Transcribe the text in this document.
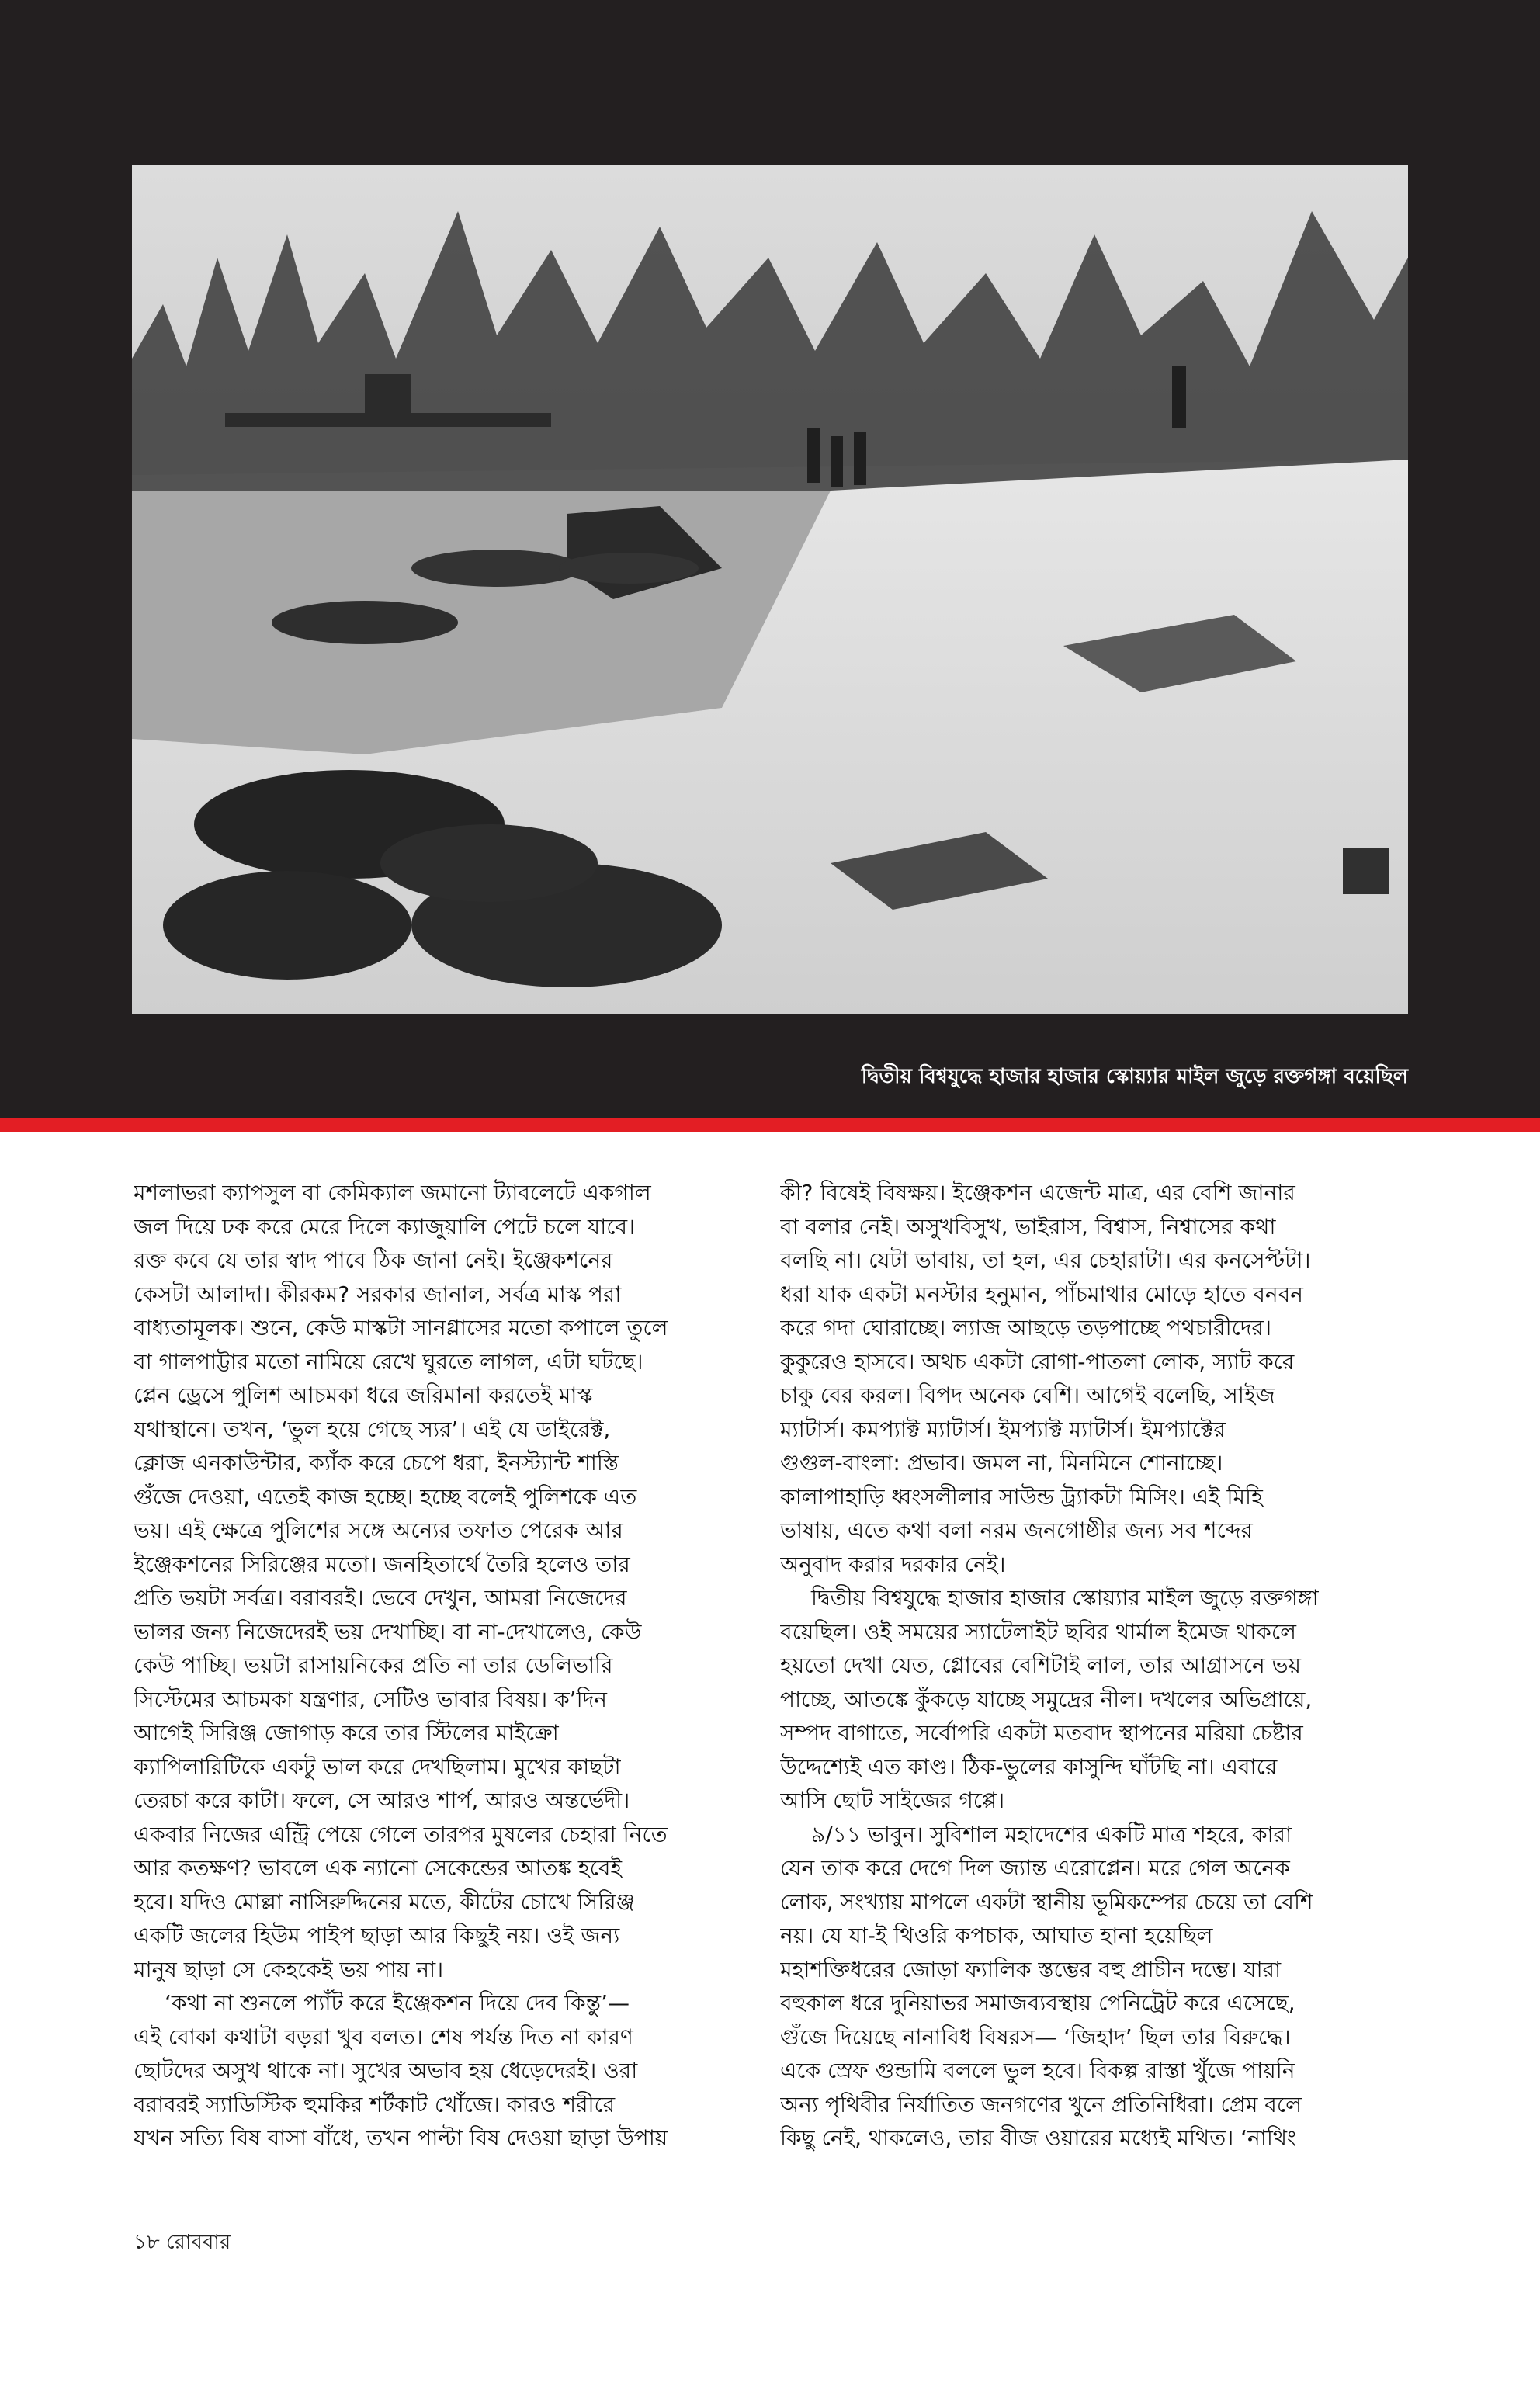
দ্বিতীয় বিশ্বযুদ্ধে হাজার হাজার স্কোয়্যার মাইল জুড়ে রক্তগঙ্গা বয়েছিল

মশলাভরা ক্যাপসুল বা কেমিক্যাল জমানো ট্যাবলেটে একগাল

জল দিয়ে ঢক করে মেরে দিলে ক্যাজুয়ালি পেটে চলে যাবে।

রক্ত কবে যে তার স্বাদ পাবে ঠিক জানা নেই। ইঞ্জেকশনের

কেসটা আলাদা। কীরকম? সরকার জানাল, সর্বত্র মাস্ক পরা

বাধ্যতামূলক। শুনে, কেউ মাস্কটা সানগ্লাসের মতো কপালে তুলে

বা গালপাট্টার মতো নামিয়ে রেখে ঘুরতে লাগল, এটা ঘটছে।

প্লেন ড্রেসে পুলিশ আচমকা ধরে জরিমানা করতেই মাস্ক

যথাস্থানে। তখন, ‘ভুল হয়ে গেছে স্যর’। এই যে ডাইরেক্ট,

ক্লোজ এনকাউন্টার, ক্যাঁক করে চেপে ধরা, ইনস্ট্যান্ট শাস্তি

গুঁজে দেওয়া, এতেই কাজ হচ্ছে। হচ্ছে বলেই পুলিশকে এত

ভয়। এই ক্ষেত্রে পুলিশের সঙ্গে অন্যের তফাত পেরেক আর

ইঞ্জেকশনের সিরিঞ্জের মতো। জনহিতার্থে তৈরি হলেও তার

প্রতি ভয়টা সর্বত্র। বরাবরই। ভেবে দেখুন, আমরা নিজেদের

ভালর জন্য নিজেদেরই ভয় দেখাচ্ছি। বা না-দেখালেও, কেউ

কেউ পাচ্ছি। ভয়টা রাসায়নিকের প্রতি না তার ডেলিভারি

সিস্টেমের আচমকা যন্ত্রণার, সেটিও ভাবার বিষয়। ক’দিন

আগেই সিরিঞ্জ জোগাড় করে তার স্টিলের মাইক্রো

ক্যাপিলারিটিকে একটু ভাল করে দেখছিলাম। মুখের কাছটা

তেরচা করে কাটা। ফলে, সে আরও শার্প, আরও অন্তর্ভেদী।

একবার নিজের এন্ট্রি পেয়ে গেলে তারপর মুষলের চেহারা নিতে

আর কতক্ষণ? ভাবলে এক ন্যানো সেকেন্ডের আতঙ্ক হবেই

হবে। যদিও মোল্লা নাসিরুদ্দিনের মতে, কীটের চোখে সিরিঞ্জ

একটি জলের হিউম পাইপ ছাড়া আর কিছুই নয়। ওই জন্য

মানুষ ছাড়া সে কেহকেই ভয় পায় না।

‘কথা না শুনলে প্যাঁট করে ইঞ্জেকশন দিয়ে দেব কিন্তু’—

এই বোকা কথাটা বড়রা খুব বলত। শেষ পর্যন্ত দিত না কারণ

ছোটদের অসুখ থাকে না। সুখের অভাব হয় ধেড়েদেরই। ওরা

বরাবরই স্যাডিস্টিক হুমকির শর্টকাট খোঁজে। কারও শরীরে

যখন সত্যি বিষ বাসা বাঁধে, তখন পাল্টা বিষ দেওয়া ছাড়া উপায়

কী? বিষেই বিষক্ষয়। ইঞ্জেকশন এজেন্ট মাত্র, এর বেশি জানার

বা বলার নেই। অসুখবিসুখ, ভাইরাস, বিশ্বাস, নিশ্বাসের কথা

বলছি না। যেটা ভাবায়, তা হল, এর চেহারাটা। এর কনসেপ্টটা।

ধরা যাক একটা মনস্টার হনুমান, পাঁচমাথার মোড়ে হাতে বনবন

করে গদা ঘোরাচ্ছে। ল্যাজ আছড়ে তড়পাচ্ছে পথচারীদের।

কুকুরেও হাসবে। অথচ একটা রোগা-পাতলা লোক, স্যাট করে

চাকু বের করল। বিপদ অনেক বেশি। আগেই বলেছি, সাইজ

ম্যাটার্স। কমপ্যাক্ট ম্যাটার্স। ইমপ্যাক্ট ম্যাটার্স। ইমপ্যাক্টের

গুগুল-বাংলা: প্রভাব। জমল না, মিনমিনে শোনাচ্ছে।

কালাপাহাড়ি ধ্বংসলীলার সাউন্ড ট্র্যাকটা মিসিং। এই মিহি

ভাষায়, এতে কথা বলা নরম জনগোষ্ঠীর জন্য সব শব্দের

অনুবাদ করার দরকার নেই।

দ্বিতীয় বিশ্বযুদ্ধে হাজার হাজার স্কোয়্যার মাইল জুড়ে রক্তগঙ্গা

বয়েছিল। ওই সময়ের স্যাটেলাইট ছবির থার্মাল ইমেজ থাকলে

হয়তো দেখা যেত, গ্লোবের বেশিটাই লাল, তার আগ্রাসনে ভয়

পাচ্ছে, আতঙ্কে কুঁকড়ে যাচ্ছে সমুদ্রের নীল। দখলের অভিপ্রায়ে,

সম্পদ বাগাতে, সর্বোপরি একটা মতবাদ স্থাপনের মরিয়া চেষ্টার

উদ্দেশ্যেই এত কাণ্ড। ঠিক-ভুলের কাসুন্দি ঘাঁটছি না। এবারে

আসি ছোট সাইজের গপ্পে।

৯/১১ ভাবুন। সুবিশাল মহাদেশের একটি মাত্র শহরে, কারা

যেন তাক করে দেগে দিল জ্যান্ত এরোপ্লেন। মরে গেল অনেক

লোক, সংখ্যায় মাপলে একটা স্থানীয় ভূমিকম্পের চেয়ে তা বেশি

নয়। যে যা-ই থিওরি কপচাক, আঘাত হানা হয়েছিল

মহাশক্তিধরের জোড়া ফ্যালিক স্তম্ভের বহু প্রাচীন দম্ভে। যারা

বহুকাল ধরে দুনিয়াভর সমাজব্যবস্থায় পেনিট্রেট করে এসেছে,

গুঁজে দিয়েছে নানাবিধ বিষরস— ‘জিহাদ’ ছিল তার বিরুদ্ধে।

একে স্রেফ গুন্ডামি বললে ভুল হবে। বিকল্প রাস্তা খুঁজে পায়নি

অন্য পৃথিবীর নির্যাতিত জনগণের খুনে প্রতিনিধিরা। প্রেম বলে

কিছু নেই, থাকলেও, তার বীজ ওয়ারের মধ্যেই মথিত। ‘নাথিং

১৮ রোববার
